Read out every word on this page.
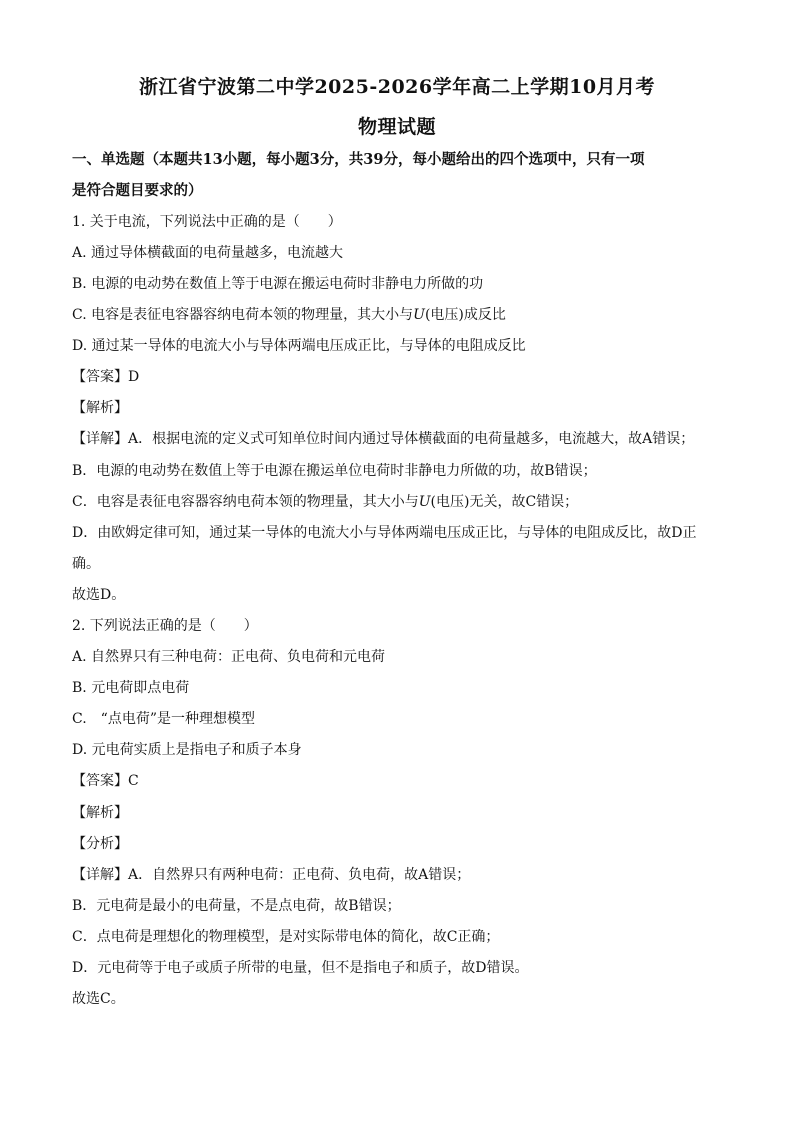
浙江省宁波第二中学2025-2026学年高二上学期10月月考
物理试题
一、单选题（本题共13小题，每小题3分，共39分，每小题给出的四个选项中，只有一项
是符合题目要求的）
1. 关于电流，下列说法中正确的是（　　）
A. 通过导体横截面的电荷量越多，电流越大
B. 电源的电动势在数值上等于电源在搬运电荷时非静电力所做的功
C. 电容是表征电容器容纳电荷本领的物理量，其大小与U(电压)成反比
D. 通过某一导体的电流大小与导体两端电压成正比，与导体的电阻成反比
【答案】D
【解析】
【详解】A．根据电流的定义式可知单位时间内通过导体横截面的电荷量越多，电流越大，故A错误；
B．电源的电动势在数值上等于电源在搬运单位电荷时非静电力所做的功，故B错误；
C．电容是表征电容器容纳电荷本领的物理量，其大小与U(电压)无关，故C错误；
D．由欧姆定律可知，通过某一导体的电流大小与导体两端电压成正比，与导体的电阻成反比，故D正
确。
故选D。
2. 下列说法正确的是（　　）
A. 自然界只有三种电荷：正电荷、负电荷和元电荷
B. 元电荷即点电荷
C.　“点电荷”是一种理想模型
D. 元电荷实质上是指电子和质子本身
【答案】C
【解析】
【分析】
【详解】A．自然界只有两种电荷：正电荷、负电荷，故A错误；
B．元电荷是最小的电荷量，不是点电荷，故B错误；
C．点电荷是理想化的物理模型，是对实际带电体的简化，故C正确；
D．元电荷等于电子或质子所带的电量，但不是指电子和质子，故D错误。
故选C。
